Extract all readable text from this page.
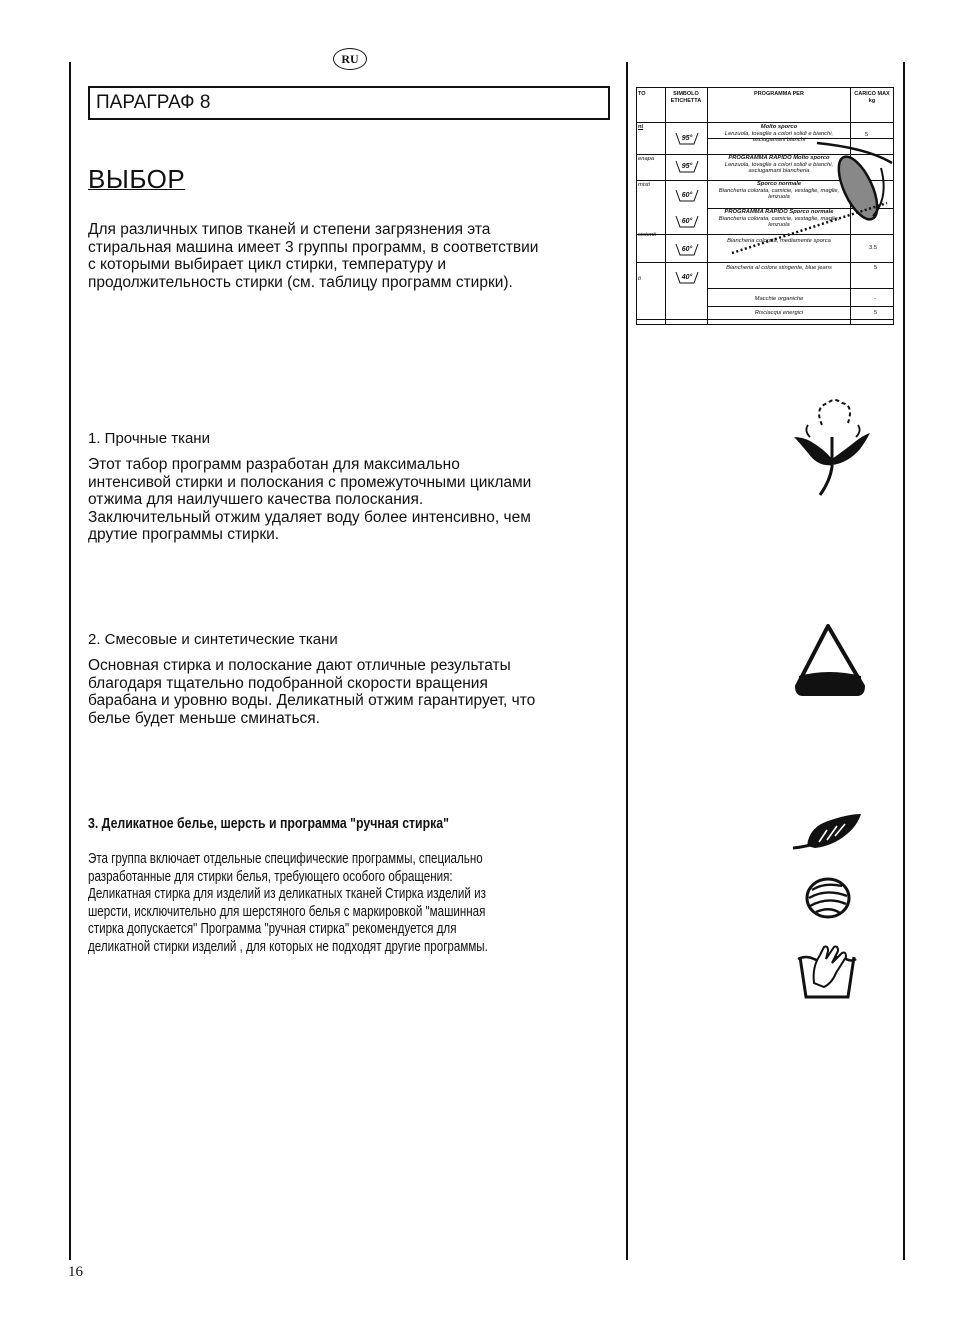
RU
ПАРАГРАФ 8
ВЫБОР
Для различных типов тканей и степени загрязнения эта
стиральная машина имеет 3 группы программ, в соответствии
с которыми выбирает цикл стирки, температуру и
продолжительность стирки (см. таблицу программ стирки).
1. Прочные ткани
Этот табор программ разработан для максимально
интенсивой стирки и полоскания с промежуточными циклами
отжима для наилучшего качества полоскания.
Заключительный отжим удаляет воду более интенсивно, чем
друтие программы стирки.
2. Смесовые и синтетические ткани
Основная стирка и полоскание дают отличные результаты
благодаря тщательно подобранной скорости вращения
барабана и уровню воды. Деликатный отжим гарантирует, что
белье будет меньше сминаться.
3. Деликатное белье, шерсть и программа "ручная стирка"
Эта группа включает отдельные специфические программы, специально
разработанные для стирки белья, требующего особого обращения:
Деликатная стирка для изделий из деликатных тканей Стирка изделий из
шерсти, исключительно для шерстяного белья с маркировкой "машинная
стирка допускается" Программа "ручная стирка" рекомендуется для
деликатной стирки изделий , для которых не подходят другие программы.
16
TO	SIMBOLO ETICHETTA
PROGRAMMA PER	CARICO MAX kg
ni
enapa
misti
sistenti
ti
95°
95°
60°
60°
60°
40°
Molto sporco
Lenzuola, tovaglie a colori solidi e bianchi, asciugamani bianchi
PROGRAMMA RAPIDO Molto sporco
Lenzuola, tovaglie a colori solidi e bianchi, asciugamani biancheria
Sporco normale
Biancheria colorata, camicie, vestaglie, maglie, lenzuola
PROGRAMMA RAPIDO Sporco normale
Biancheria colorata, camicie, vestaglie, maglie, lenzuola
Biancheria colorata, mediamente sporca
Biancheria al colore stingente, blue jeans
Macchie organiche
Risciacqui energici
5
3.5
5
-
5
